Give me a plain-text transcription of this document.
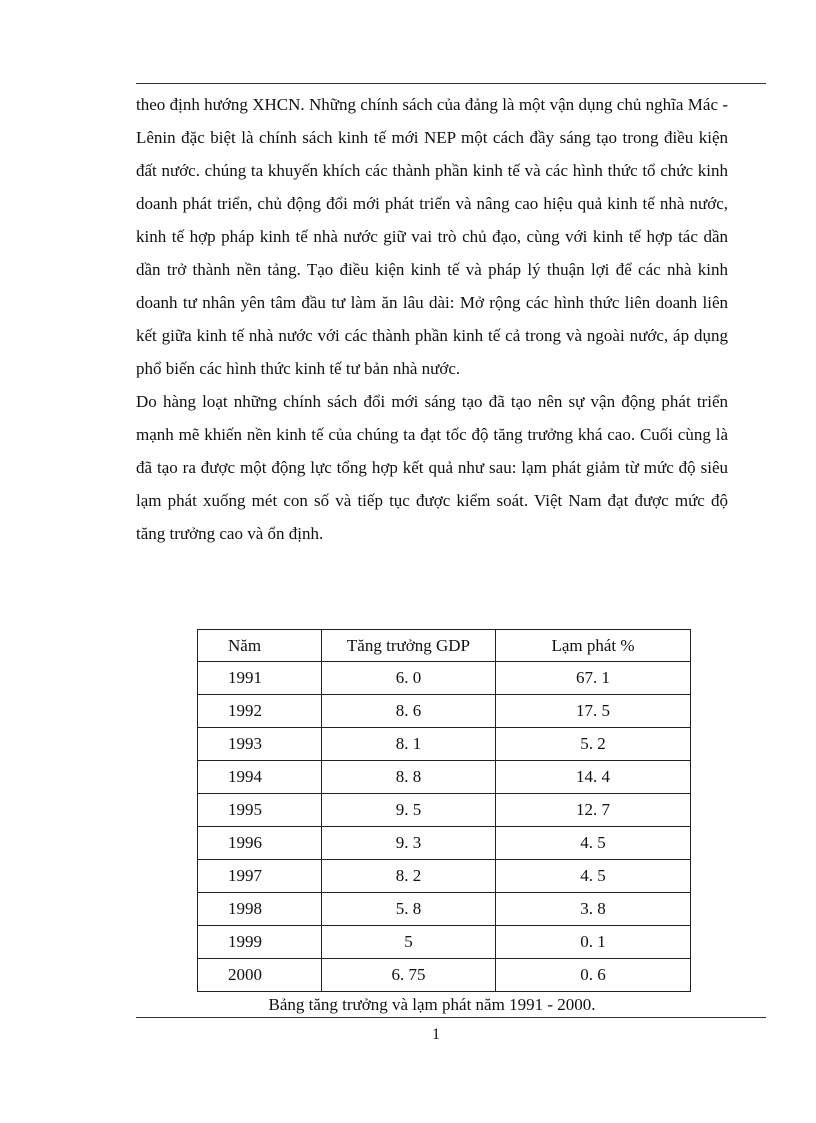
theo định hướng XHCN. Những chính sách của đảng là một vận dụng chủ nghĩa Mác - Lênin đặc biệt là chính sách kinh tế mới NEP một cách đầy sáng tạo trong điều kiện đất nước. chúng ta khuyến khích các thành phần kinh tế và các hình thức tổ chức kinh doanh phát triển, chủ động đổi mới phát triển và nâng cao hiệu quả kinh tế nhà nước, kinh tế hợp pháp kinh tế nhà nước giữ vai trò chủ đạo, cùng với kinh tế hợp tác dần dần trở thành nền tảng. Tạo điều kiện kinh tế và pháp lý thuận lợi để các nhà kinh doanh tư nhân yên tâm đầu tư làm ăn lâu dài: Mở rộng các hình thức liên doanh liên kết giữa kinh tế nhà nước với các thành phần kinh tế cả trong và ngoài nước, áp dụng phổ biến các hình thức kinh tế tư bản nhà nước.

Do hàng loạt những chính sách đổi mới sáng tạo đã tạo nên sự vận động phát triển mạnh mẽ khiến nền kinh tế của chúng ta đạt tốc độ tăng trưởng khá cao. Cuối cùng là đã tạo ra được một động lực tổng hợp kết quả như sau: lạm phát giảm từ mức độ siêu lạm phát xuống mét con số và tiếp tục được kiểm soát. Việt Nam đạt được mức độ tăng trưởng cao và ổn định.

Năm	Tăng trưởng GDP	Lạm phát %
1991	6. 0	67. 1
1992	8. 6	17. 5
1993	8. 1	5. 2
1994	8. 8	14. 4
1995	9. 5	12. 7
1996	9. 3	4. 5
1997	8. 2	4. 5
1998	5. 8	3. 8
1999	5	0. 1
2000	6. 75	0. 6
Bảng tăng trưởng và lạm phát năm 1991 - 2000.
1
